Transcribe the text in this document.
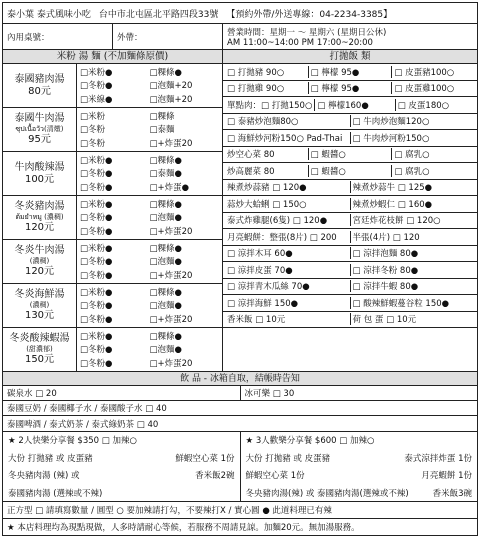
泰小葉 泰式風味小吃 台中市北屯區北平路四段33號 【預約外帶/外送專線：04-2234-3385】
內用桌號：	外帶：	營業時間：星期一 ～ 星期六 (星期日公休)
AM 11:00~14:00 PM 17:00~20:00
米粉 湯 麵 (不加麵條原價)
泰國豬肉湯
80元
□米粉●	□粿條●
□冬粉●	□泡麵+20
□米線●	□泡麵+20
泰國牛肉湯
ซุปเนื้อวัว(清燉)
95元
□米粉	□粿條
□冬粉	□泰麵
□冬粉	□+炸蛋20
牛肉酸辣湯
100元
□米粉●	□粿條●
□冬粉●	□泰麵●
□冬粉●	□+炸蛋●
冬炎豬肉湯
ต้มยำหมู (濃稠)
120元
□米粉●	□粿條●
□冬粉●	□泡麵●
□冬粉●	□+炸蛋20
冬炎牛肉湯
(濃稠)
120元
□米粉●	□粿條●
□冬粉●	□泡麵●
□冬粉●	□+炸蛋20
冬炎海鮮湯
(濃稠)
130元
□米粉●	□粿條●
□冬粉●	□泡麵●
□冬粉●	□+炸蛋20
冬炎酸辣蝦湯
(甜濃郁)
150元
□米粉●	□粿條●
□冬粉●	□泡麵●
□冬粉●	□+炸蛋20
打拋飯 類
□ 打拋豬 90○	□ 檸檬 95●	□ 皮蛋豬100○
□ 打拋雞 90○	□ 檸檬 95●	□ 皮蛋雞100○
單點肉：□ 打拋150○ □ 檸檬160●	□ 皮蛋180○
□ 泰豬炒泡麵80○	□ 牛肉炒泡麵120○
□ 海鮮炒河粉150○ Pad-Thai	□ 牛肉炒河粉150○
炒空心菜 80	□ 蝦醬○	□ 腐乳○
炒高麗菜 80	□ 蝦醬○	□ 腐乳○
辣煮炒蒜豬 □ 120●	辣煮炒蒜牛 □ 125●
蒜炒大蛤蜊 □ 150○	辣煮炒蝦仁 □ 160●
泰式炸雞腿(6隻) □ 120●	宮廷炸花枝餅 □ 120○
月亮蝦餅：整張(8片) □ 200	半張(4片) □ 120
□ 涼拌木耳 60●	□ 涼拌泡麵 80●
□ 涼拌皮蛋 70●	□ 涼拌冬粉 80●
□ 涼拌青木瓜絲 70●	□ 涼拌牛蝦 80●
□ 涼拌海鮮 150●	□ 酸辣鮮蝦蔓谷粒 150●
香米飯 □ 10元	荷 包 蛋 □ 10元
飲 品 - 冰箱自取，結帳時告知
碳泉水 □ 20	冰可樂 □ 30
泰國豆奶 / 泰國椰子水 / 泰國酸子水 □ 40
泰國啤酒 / 泰式奶茶 / 泰式綠奶茶 □ 40
★ 2人快樂分享餐 $350 □ 加辣○
大份 打拋豬 或 皮蛋豬	鮮蝦空心菜 1份
冬央豬肉湯 (辣) 或	香米飯2碗
泰國豬肉湯 (選辣或不辣)
★ 3人歡樂分享餐 $600 □ 加辣○
大份 打拋豬 或 皮蛋豬	泰式涼拌炸蛋 1份
鮮蝦空心菜 1份	月亮蝦餅 1份
冬央豬肉湯(辣) 或 泰國豬肉湯(選辣或不辣)	香米飯3碗
正方型 □ 請填寫數量 / 圓型 ○ 要加辣請打勾，不要辣打X / 實心圓 ● 此道料理已有辣
★ 本店料理均為現點現做，人多時請耐心等候，若服務不周請見諒。加麵20元。無加湯服務。
